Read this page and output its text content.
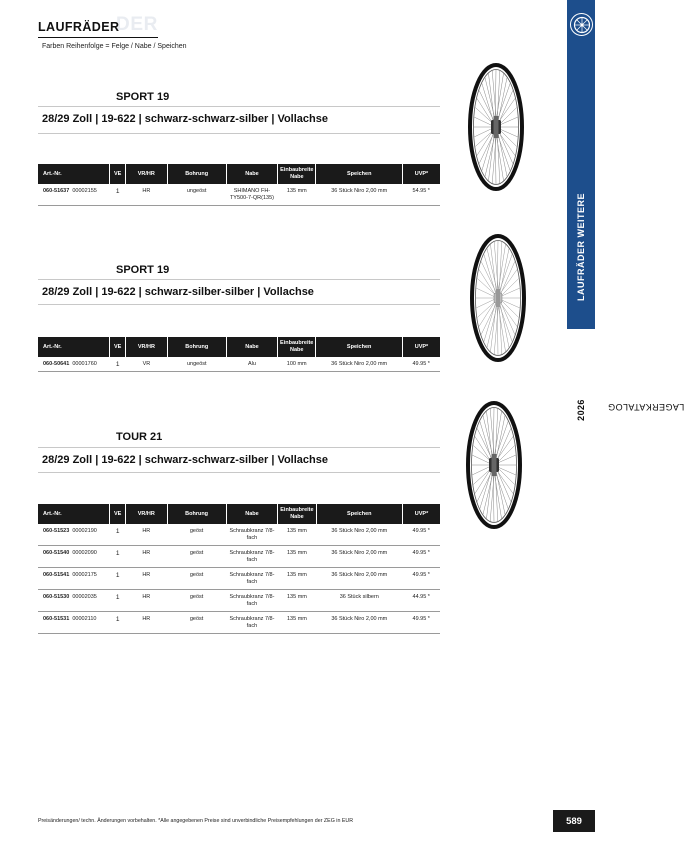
DER
LAUFRÄDER
Farben Reihenfolge = Felge / Nabe / Speichen
LAUFRÄDER WEITERE
LAGERKATALOG
2026
SPORT 19
28/29 Zoll | 19-622 | schwarz-schwarz-silber | Vollachse
Art.-Nr.	VE	VR/HR	Bohrung	Nabe	Einbaubreite Nabe	Speichen	UVP*
060-51637 00002155	1	HR	ungeöst	SHIMANO FH-TY500-7-QR(135)	135 mm	36 Stück Niro 2,00 mm	54.95 *
SPORT 19
28/29 Zoll | 19-622 | schwarz-silber-silber | Vollachse
Art.-Nr.	VE	VR/HR	Bohrung	Nabe	Einbaubreite Nabe	Speichen	UVP*
060-50641 00001760	1	VR	ungeöst	Alu	100 mm	36 Stück Niro 2,00 mm	49.95 *
TOUR 21
28/29 Zoll | 19-622 | schwarz-schwarz-silber | Vollachse
Art.-Nr.	VE	VR/HR	Bohrung	Nabe	Einbaubreite Nabe	Speichen	UVP*
060-51523 00002190	1	HR	geöst	Schraubkranz 7/8-fach	135 mm	36 Stück Niro 2,00 mm	49.95 *
060-51540 00002090	1	HR	geöst	Schraubkranz 7/8-fach	135 mm	36 Stück Niro 2,00 mm	49.95 *
060-51541 00002175	1	HR	geöst	Schraubkranz 7/8-fach	135 mm	36 Stück Niro 2,00 mm	49.95 *
060-51530 00002035	1	HR	geöst	Schraubkranz 7/8-fach	135 mm	36 Stück silbern	44.95 *
060-51531 00002110	1	HR	geöst	Schraubkranz 7/8-fach	135 mm	36 Stück Niro 2,00 mm	49.95 *
Preisänderungen/ techn. Änderungen vorbehalten. *Alle angegebenen Preise sind unverbindliche Preisempfehlungen der ZEG in EUR	589
